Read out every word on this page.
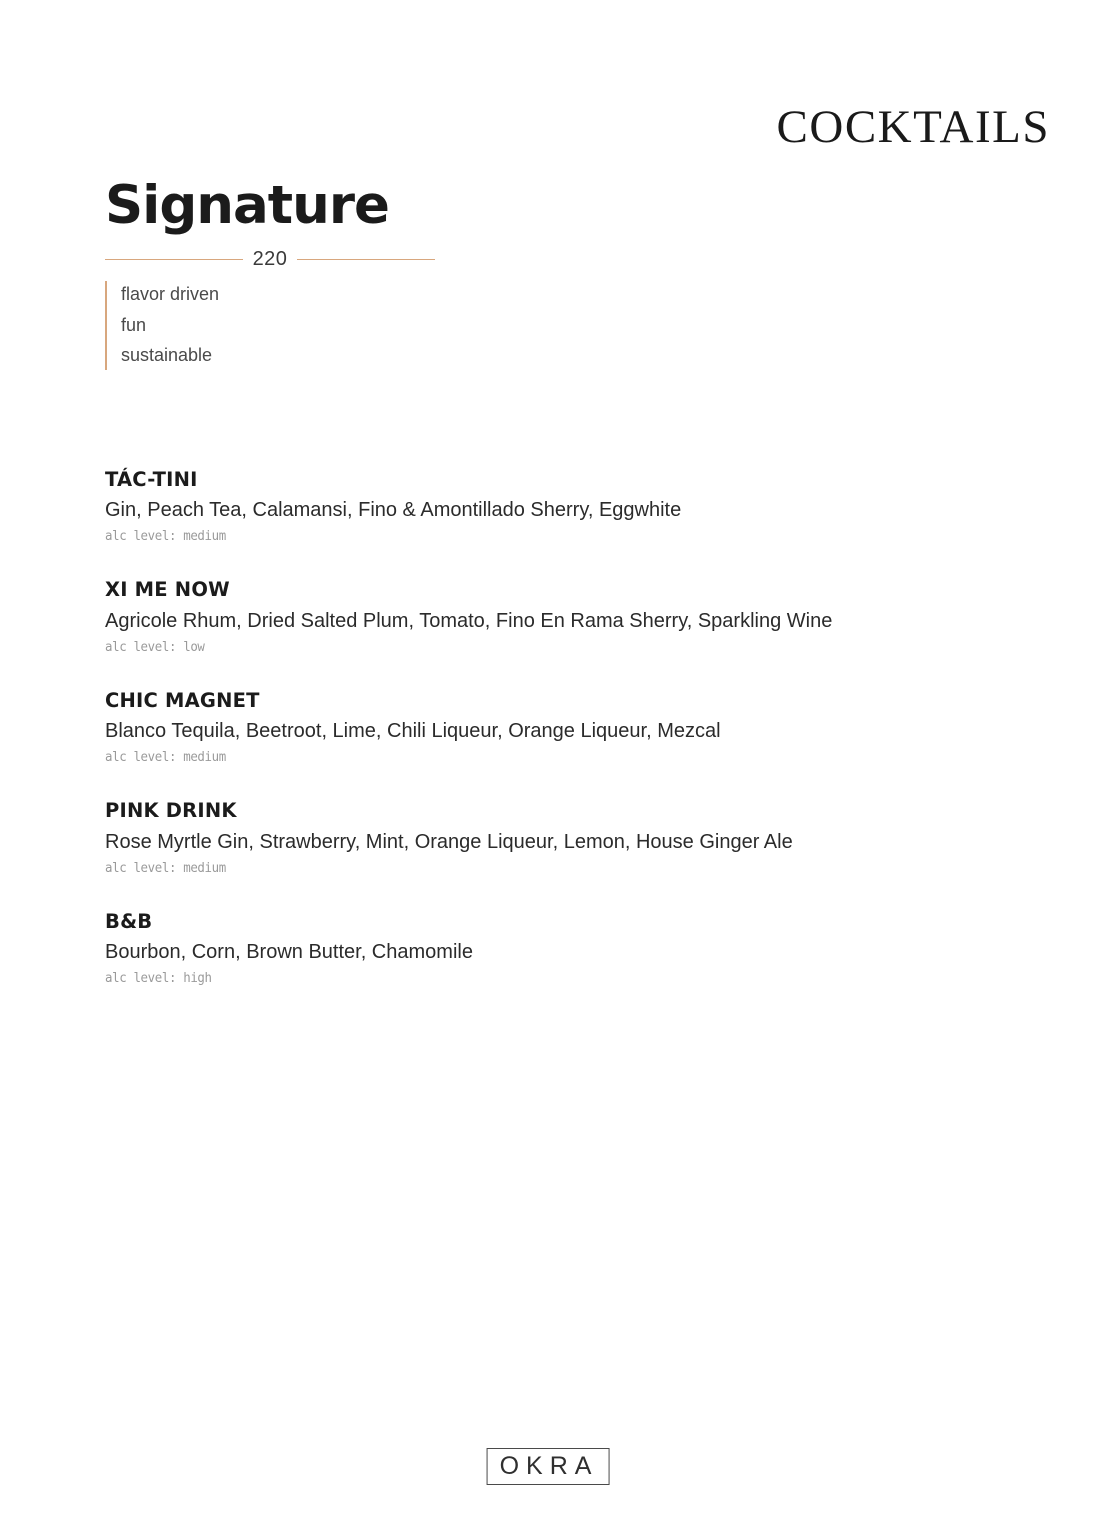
COCKTAILS
Signature
220
flavor driven
fun
sustainable

TÁC-TINI

Gin, Peach Tea, Calamansi, Fino & Amontillado Sherry, Eggwhite

alc level: medium

XI ME NOW

Agricole Rhum, Dried Salted Plum, Tomato, Fino En Rama Sherry, Sparkling Wine

alc level: low

CHIC MAGNET

Blanco Tequila, Beetroot, Lime, Chili Liqueur, Orange Liqueur, Mezcal

alc level: medium

PINK DRINK

Rose Myrtle Gin, Strawberry, Mint, Orange Liqueur, Lemon, House Ginger Ale

alc level: medium

B&B

Bourbon, Corn, Brown Butter, Chamomile

alc level: high

OKRA
